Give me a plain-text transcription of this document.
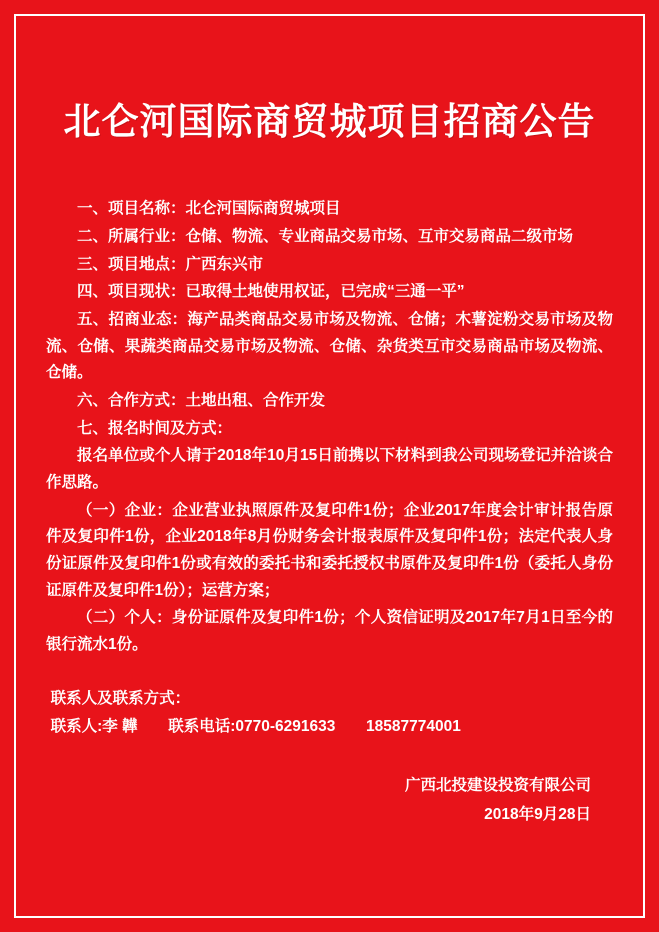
北仑河国际商贸城项目招商公告

一、项目名称：北仑河国际商贸城项目

二、所属行业：仓储、物流、专业商品交易市场、互市交易商品二级市场

三、项目地点：广西东兴市

四、项目现状：已取得土地使用权证，已完成“三通一平”

五、招商业态：海产品类商品交易市场及物流、仓储；木薯淀粉交易市场及物流、仓储、果蔬类商品交易市场及物流、仓储、杂货类互市交易商品市场及物流、仓储。

六、合作方式：土地出租、合作开发

七、报名时间及方式：

报名单位或个人请于2018年10月15日前携以下材料到我公司现场登记并洽谈合作思路。

（一）企业：企业营业执照原件及复印件1份；企业2017年度会计审计报告原件及复印件1份，企业2018年8月份财务会计报表原件及复印件1份；法定代表人身份证原件及复印件1份或有效的委托书和委托授权书原件及复印件1份（委托人身份证原件及复印件1份）；运营方案；

（二）个人：身份证原件及复印件1份；个人资信证明及2017年7月1日至今的银行流水1份。

联系人及联系方式：
联系人:李 韡 联系电话:0770-6291633 18587774001
广西北投建设投资有限公司
2018年9月28日
